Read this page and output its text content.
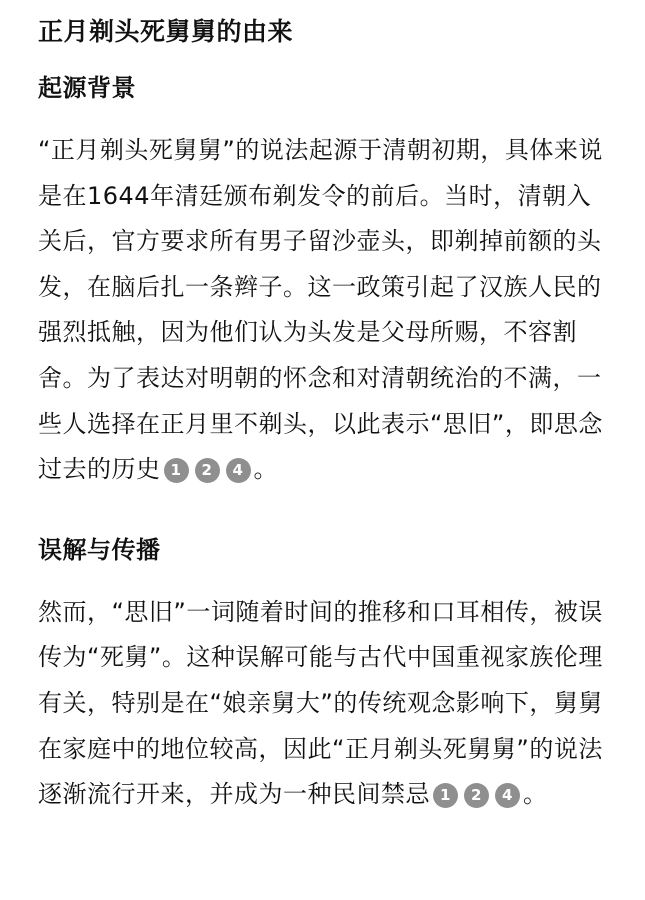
正月剃头死舅舅的由来
起源背景

“正月剃头死舅舅”的说法起源于清朝初期，具体来说是在1644年清廷颁布剃发令的前后。当时，清朝入关后，官方要求所有男子留沙壶头，即剃掉前额的头发，在脑后扎一条辫子。这一政策引起了汉族人民的强烈抵触，因为他们认为头发是父母所赐，不容割舍。为了表达对明朝的怀念和对清朝统治的不满，一些人选择在正月里不剃头，以此表示“思旧”，即思念过去的历史 1 2 4 。

误解与传播

然而，“思旧”一词随着时间的推移和口耳相传，被误传为“死舅”。这种误解可能与古代中国重视家族伦理有关，特别是在“娘亲舅大”的传统观念影响下，舅舅在家庭中的地位较高，因此“正月剃头死舅舅”的说法逐渐流行开来，并成为一种民间禁忌 1 2 4 。
